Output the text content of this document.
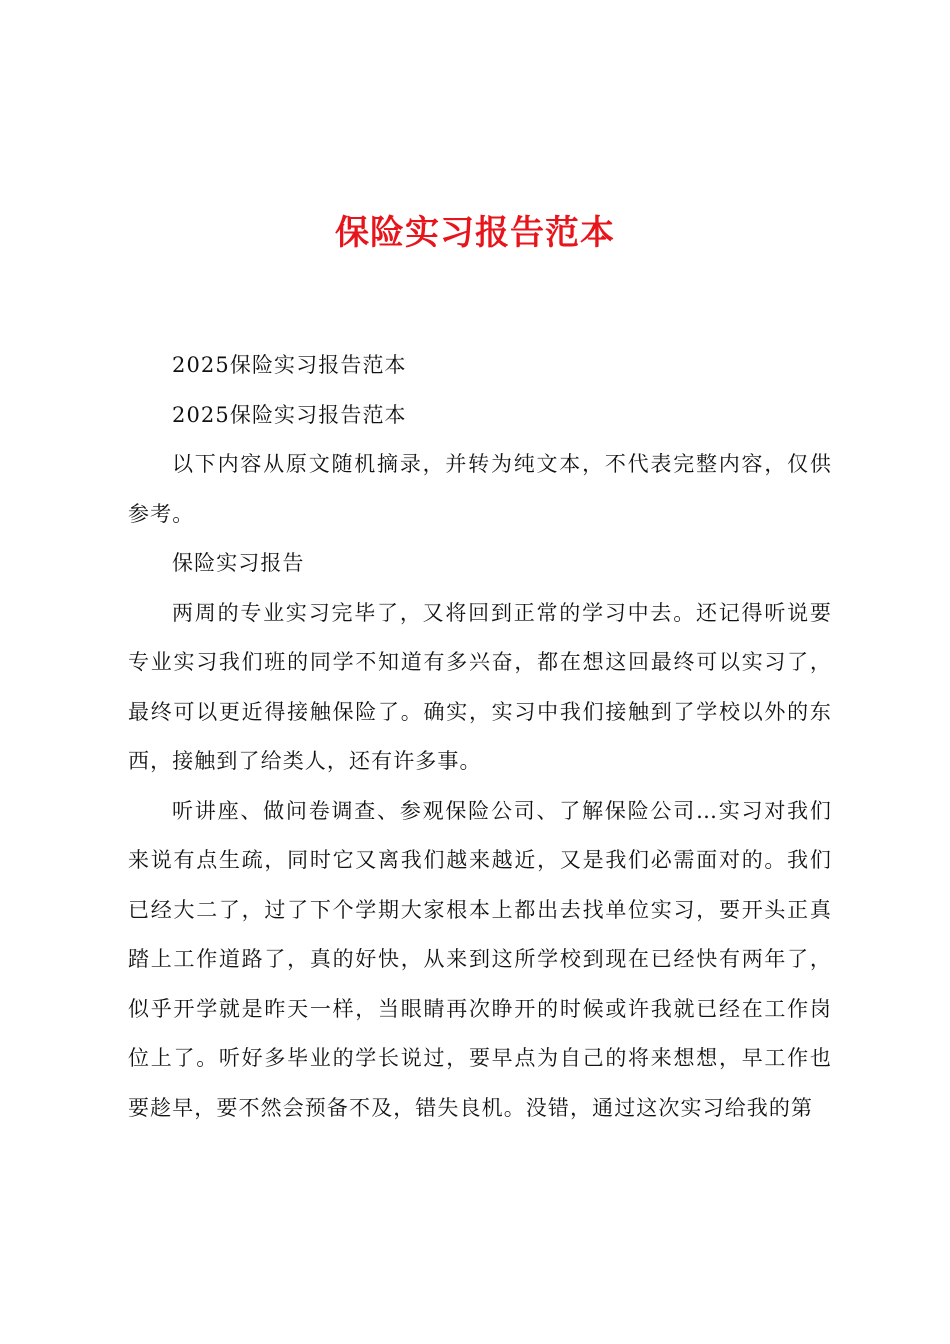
保险实习报告范本

2025保险实习报告范本

2025保险实习报告范本

以下内容从原文随机摘录，并转为纯文本，不代表完整内容，仅供参考。

保险实习报告

两周的专业实习完毕了，又将回到正常的学习中去。还记得听说要专业实习我们班的同学不知道有多兴奋，都在想这回最终可以实习了，最终可以更近得接触保险了。确实，实习中我们接触到了学校以外的东西，接触到了给类人，还有许多事。

听讲座、做问卷调查、参观保险公司、了解保险公司…实习对我们来说有点生疏，同时它又离我们越来越近，又是我们必需面对的。我们已经大二了，过了下个学期大家根本上都出去找单位实习，要开头正真踏上工作道路了，真的好快，从来到这所学校到现在已经快有两年了，似乎开学就是昨天一样，当眼睛再次睁开的时候或许我就已经在工作岗位上了。听好多毕业的学长说过，要早点为自己的将来想想，早工作也要趁早，要不然会预备不及，错失良机。没错，通过这次实习给我的第
